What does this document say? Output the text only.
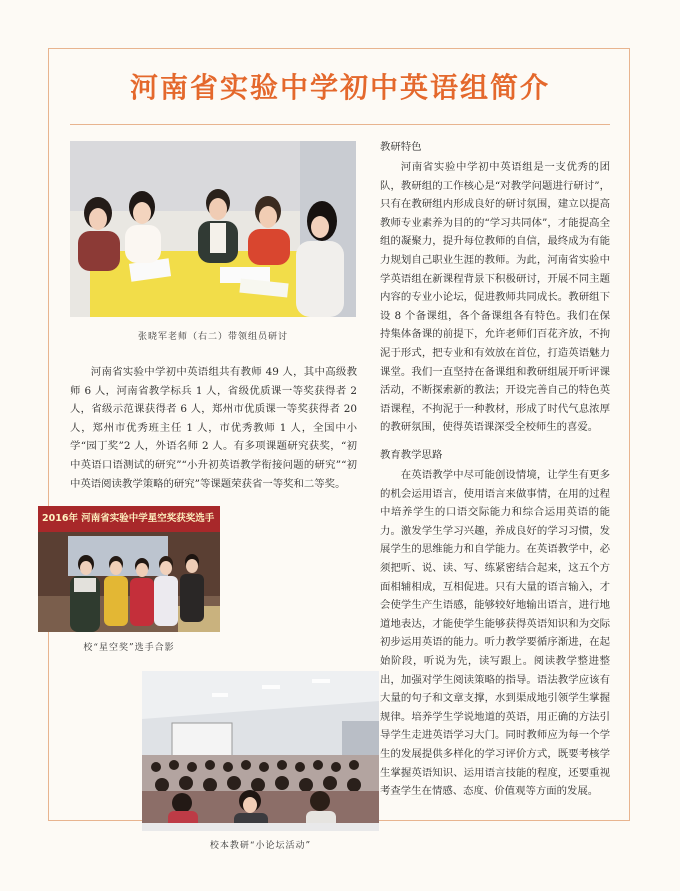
河南省实验中学初中英语组简介
张晓军老师（右二）带领组员研讨

河南省实验中学初中英语组共有教师 49 人，其中高级教师 6 人，河南省教学标兵 1 人，省级优质课一等奖获得者 2 人，省级示范课获得者 6 人，郑州市优质课一等奖获得者 20 人，郑州市优秀班主任 1 人，市优秀教师 1 人，全国中小学“园丁奖”2 人，外语名师 2 人。有多项课题研究获奖，“初中英语口语测试的研究”“小升初英语教学衔接问题的研究”“初中英语阅读教学策略的研究”等课题荣获省一等奖和二等奖。

2016年 河南省实验中学星空奖获奖选手
校“星空奖”选手合影
校本教研“小论坛活动”

教研特色

河南省实验中学初中英语组是一支优秀的团队，教研组的工作核心是“对教学问题进行研讨”，只有在教研组内形成良好的研讨氛围，建立以提高教师专业素养为目的的“学习共同体”，才能提高全组的凝聚力，提升每位教师的自信，最终成为有能力规划自己职业生涯的教师。为此，河南省实验中学英语组在新课程背景下积极研讨，开展不同主题内容的专业小论坛，促进教师共同成长。教研组下设 8 个备课组，各个备课组各有特色。我们在保持集体备课的前提下，允许老师们百花齐放，不拘泥于形式，把专业和有效放在首位，打造英语魅力课堂。我们一直坚持在备课组和教研组展开听评课活动，不断探索新的教法；开设完善自己的特色英语课程，不拘泥于一种教材，形成了时代气息浓厚的教研氛围，使得英语课深受全校师生的喜爱。

教育教学思路

在英语教学中尽可能创设情境，让学生有更多的机会运用语言，使用语言来做事情，在用的过程中培养学生的口语交际能力和综合运用英语的能力。激发学生学习兴趣，养成良好的学习习惯，发展学生的思维能力和自学能力。在英语教学中，必须把听、说、读、写、练紧密结合起来，这五个方面相辅相成，互相促进。只有大量的语言输入，才会使学生产生语感，能够较好地输出语言，进行地道地表达，才能使学生能够获得英语知识和为交际初步运用英语的能力。听力教学要循序渐进，在起始阶段，听说为先，读写跟上。阅读教学整进整出，加强对学生阅读策略的指导。语法教学应该有大量的句子和文章支撑，水到渠成地引领学生掌握规律。培养学生学说地道的英语，用正确的方法引导学生走进英语学习大门。同时教师应为每一个学生的发展提供多样化的学习评价方式，既要考核学生掌握英语知识、运用语言技能的程度，还要重视考查学生在情感、态度、价值观等方面的发展。
